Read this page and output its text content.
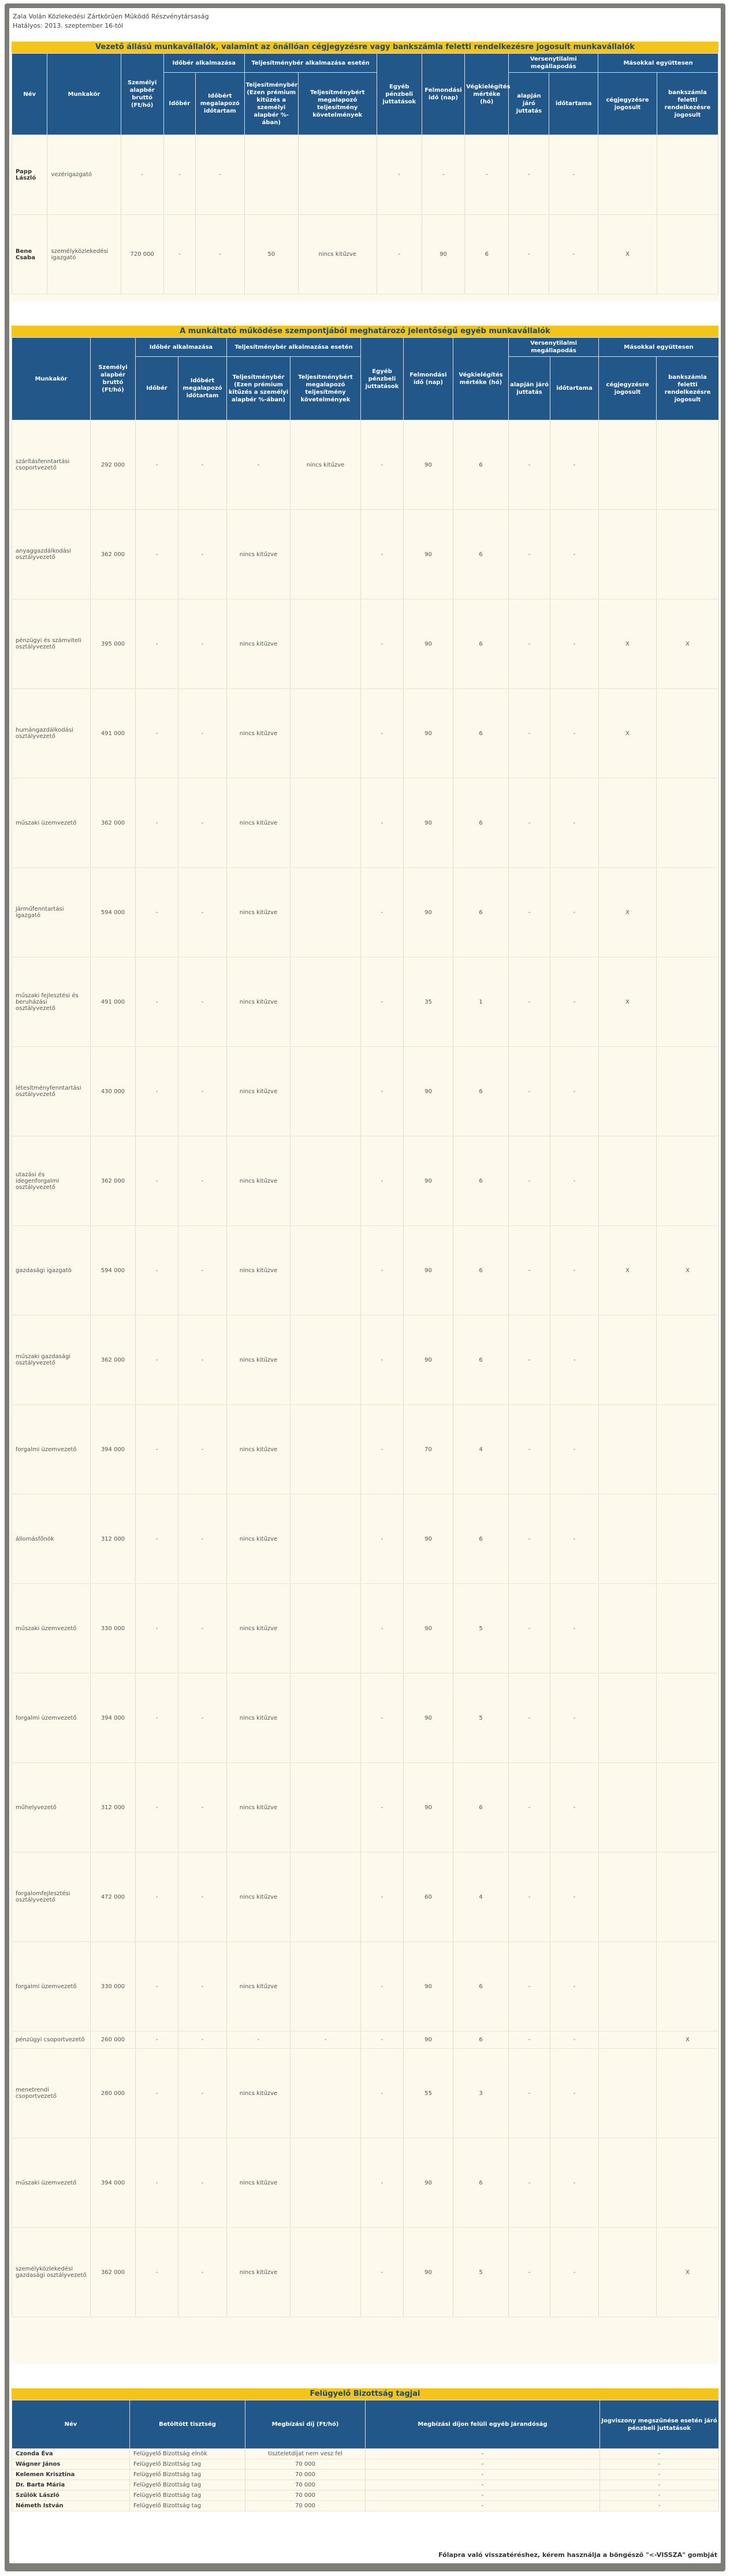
Zala Volán Közlekedési Zártkörűen Működő Részvénytársaság
Hatályos: 2013. szeptember 16-tól
Vezető állású munkavállalók, valamint az önállóan cégjegyzésre vagy bankszámla feletti rendelkezésre jogosult munkavállalók
Név	Munkakör	Személyi alapbér bruttó (Ft/hó)	Időbér alkalmazása		Teljesítménybér alkalmazása esetén		Egyéb pénzbeli juttatások	Felmondási idő (nap)	Végkielégítés mértéke (hó)	Versenytilalmi megállapodás		Másokkal együttesen	
			Időbér	Időbért megalapozó időtartam	Teljesítménybér (Ezen prémium kitűzés a személyi alapbér %-ában)	Teljesítménybért megalapozó teljesítmény követelmények				alapján járó juttatás	időtartama	cégjegyzésre jogosult	bankszámla feletti rendelkezésre jogosult
Papp László	vezérigazgató	-	-	-			-	-	-	-	-		
Bene Csaba	személyközlekedési igazgató	720 000	-	-	50	nincs kitűzve	-	90	6	-	-	X	
A munkáltató működése szempontjából meghatározó jelentőségű egyéb munkavállalók
Munkakör	Személyi alapbér bruttó (Ft/hó)	Időbér alkalmazása		Teljesítménybér alkalmazása esetén		Egyéb pénzbeli juttatások	Felmondási idő (nap)	Végkielégítés mértéke (hó)	Versenytilalmi megállapodás		Másokkal együttesen	
		Időbér	Időbért megalapozó időtartam	Teljesítménybér (Ezen prémium kitűzés a személyi alapbér %-ában)	Teljesítménybért megalapozó teljesítmény követelmények				alapján járó juttatás	időtartama	cégjegyzésre jogosult	bankszámla feletti rendelkezésre jogosult
szárításfenntartási csoportvezető	292 000	-	-	-	nincs kitűzve	-	90	6	-	-		
anyaggazdálkodási osztályvezető	362 000	-	-	nincs kitűzve		-	90	6	-	-		
pénzügyi és számviteli osztályvezető	395 000	-	-	nincs kitűzve		-	90	6	-	-	X	X
humángazdálkodási osztályvezető	491 000	-	-	nincs kitűzve		-	90	6	-	-	X	
műszaki üzemvezető	362 000	-	-	nincs kitűzve		-	90	6	-	-		
járműfenntartási igazgató	594 000	-	-	nincs kitűzve		-	90	6	-	-	X	
műszaki fejlesztési és beruházási osztályvezető	491 000	-	-	nincs kitűzve		-	35	1	-	-	X	
létesítményfenntartási osztályvezető	430 000	-	-	nincs kitűzve		-	90	6	-	-		
utazási és idegenforgalmi osztályvezető	362 000	-	-	nincs kitűzve		-	90	6	-	-		
gazdasági igazgató	594 000	-	-	nincs kitűzve		-	90	6	-	-	X	X
műszaki gazdasági osztályvezető	362 000	-	-	nincs kitűzve		-	90	6	-	-		
forgalmi üzemvezető	394 000	-	-	nincs kitűzve		-	70	4	-	-		
állomásfőnök	312 000	-	-	nincs kitűzve		-	90	6	-	-		
műszaki üzemvezető	330 000	-	-	nincs kitűzve		-	90	5	-	-		
forgalmi üzemvezető	394 000	-	-	nincs kitűzve		-	90	5	-	-		
műhelyvezető	312 000	-	-	nincs kitűzve		-	90	6	-	-		
forgalomfejlesztési osztályvezető	472 000	-	-	nincs kitűzve		-	60	4	-	-		
forgalmi üzemvezető	330 000	-	-	nincs kitűzve		-	90	6	-	-		
pénzügyi csoportvezető	260 000	-	-	-	-	-	90	6	-	-		X
menetrendi csoportvezető	280 000	-	-	nincs kitűzve		-	55	3	-	-		
műszaki üzemvezető	394 000	-	-	nincs kitűzve		-	90	6	-	-		
személyközlekedési gazdasági osztályvezető	362 000	-	-	nincs kitűzve		-	90	5	-	-		X
Felügyelő Bizottság tagjai
Név	Betöltött tisztség	Megbízási díj (Ft/hó)	Megbízási díjon felüli egyéb járandóság	Jogviszony megszűnése esetén járó pénzbeli juttatások
Czonda Éva	Felügyelő Bizottság elnök	tiszteletdíjat nem vesz fel	-	-
Wágner János	Felügyelő Bizottság tag	70 000	-	-
Kelemen Krisztina	Felügyelő Bizottság tag	70 000	-	-
Dr. Barta Mária	Felügyelő Bizottság tag	70 000	-	-
Szűlök László	Felügyelő Bizottság tag	70 000	-	-
Németh István	Felügyelő Bizottság tag	70 000	-	-
Főlapra való visszatéréshez, kérem használja a böngésző "<-VISSZA" gombját
